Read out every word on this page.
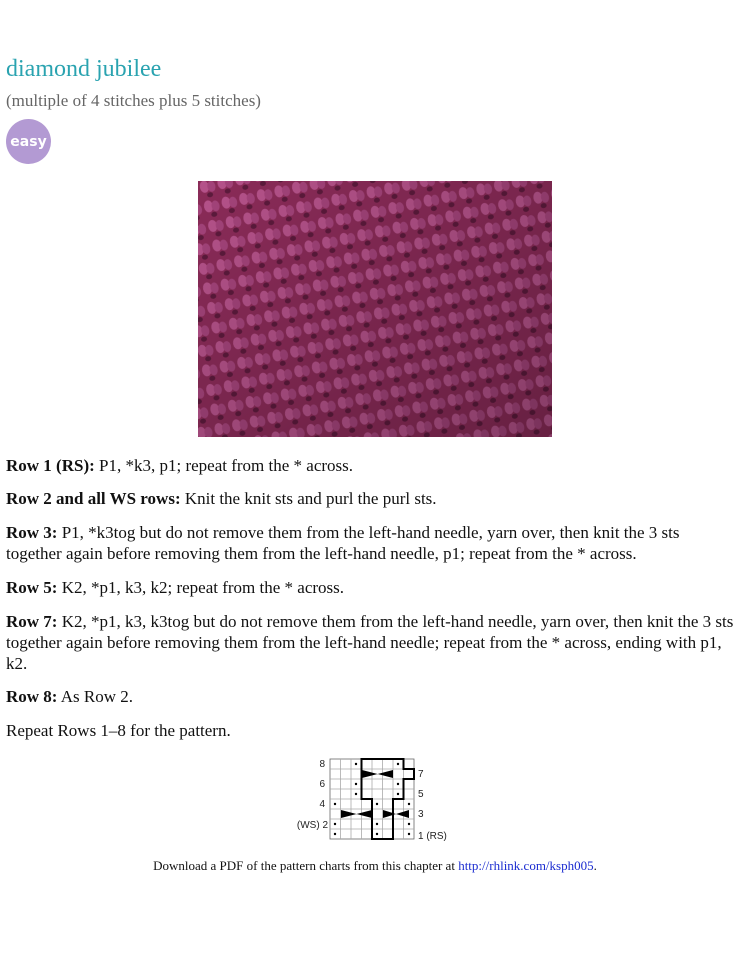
diamond jubilee
(multiple of 4 stitches plus 5 stitches)
easy
Row 1 (RS): P1, *k3, p1; repeat from the * across.
Row 2 and all WS rows: Knit the knit sts and purl the purl sts.
Row 3: P1, *k3tog but do not remove them from the left-hand needle, yarn over, then knit the 3 sts together again before removing them from the left-hand needle, p1; repeat from the * across.
Row 5: K2, *p1, k3, k2; repeat from the * across.
Row 7: K2, *p1, k3, k3tog but do not remove them from the left-hand needle, yarn over, then knit the 3 sts together again before removing them from the left-hand needle; repeat from the * across, ending with p1, k2.
Row 8: As Row 2.
Repeat Rows 1–8 for the pattern.
8
6
4
(WS) 2
7
5
3
1 (RS)
Download a PDF of the pattern charts from this chapter at http://rhlink.com/ksph005.
